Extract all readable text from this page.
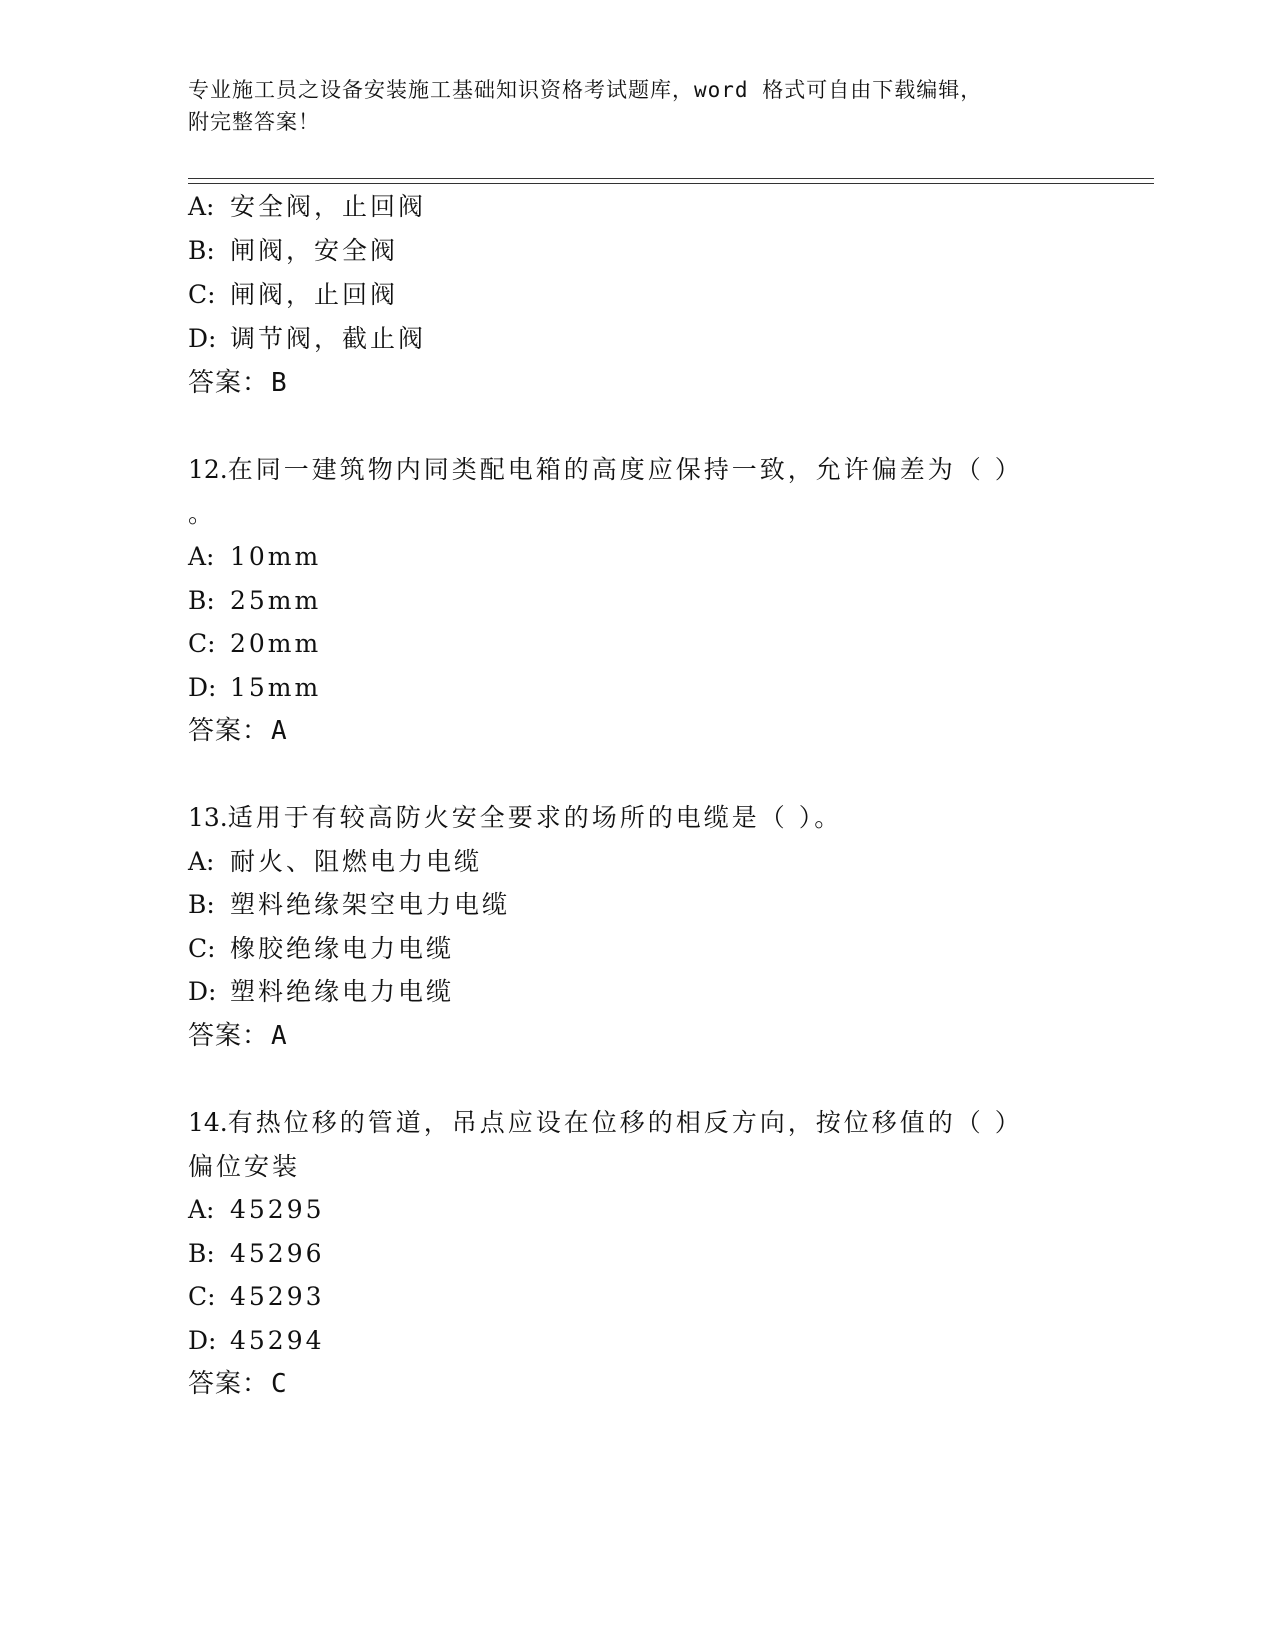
专业施工员之设备安装施工基础知识资格考试题库，word 格式可自由下载编辑，
附完整答案！
A: 安全阀，止回阀
B: 闸阀，安全阀
C: 闸阀，止回阀
D: 调节阀，截止阀
答案：B
12.在同一建筑物内同类配电箱的高度应保持一致，允许偏差为（ ）
。
A: 10mm
B: 25mm
C: 20mm
D: 15mm
答案：A
13.适用于有较高防火安全要求的场所的电缆是（ ）。
A: 耐火、阻燃电力电缆
B: 塑料绝缘架空电力电缆
C: 橡胶绝缘电力电缆
D: 塑料绝缘电力电缆
答案：A
14.有热位移的管道，吊点应设在位移的相反方向，按位移值的（ ）
偏位安装
A: 45295
B: 45296
C: 45293
D: 45294
答案：C
